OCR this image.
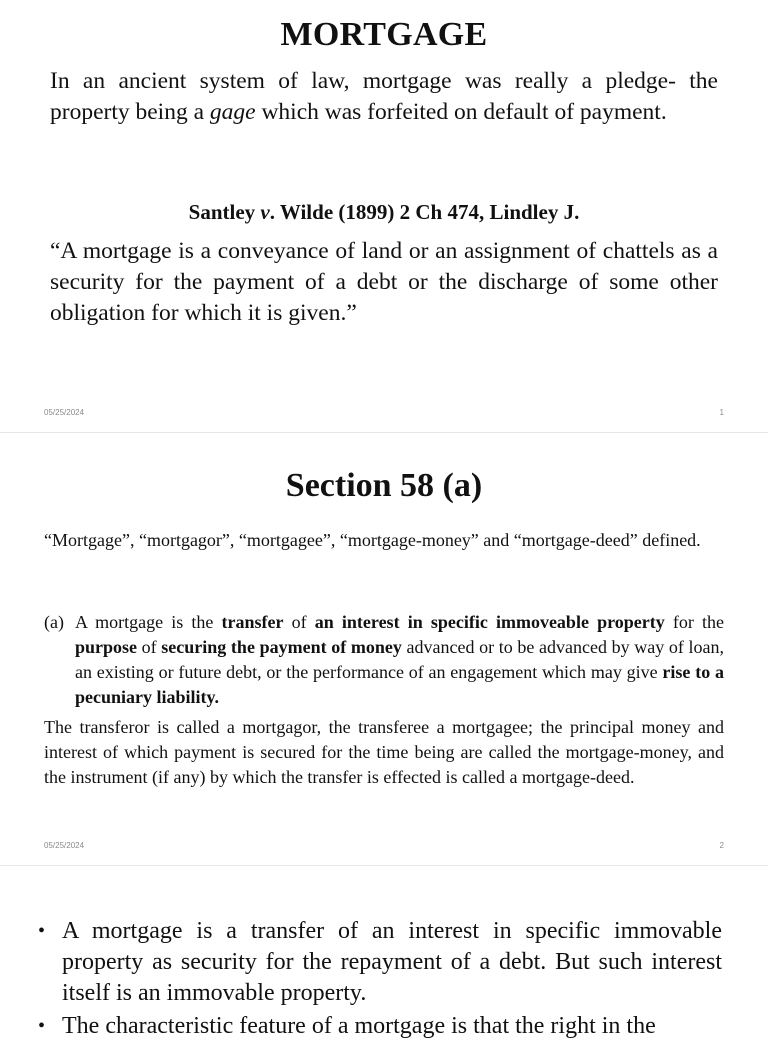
MORTGAGE

In an ancient system of law, mortgage was really a pledge- the property being a gage which was forfeited on default of payment.

Santley v. Wilde (1899) 2 Ch 474, Lindley J.

“A mortgage is a conveyance of land or an assignment of chattels as a security for the payment of a debt or the discharge of some other obligation for which it is given.”

05/25/2024	1
Section 58 (a)

“Mortgage”, “mortgagor”, “mortgagee”, “mortgage-money” and “mortgage-deed” defined.

(a) A mortgage is the transfer of an interest in specific immoveable property for the purpose of securing the payment of money advanced or to be advanced by way of loan, an existing or future debt, or the performance of an engagement which may give rise to a pecuniary liability.

The transferor is called a mortgagor, the transferee a mortgagee; the principal money and interest of which payment is secured for the time being are called the mortgage-money, and the instrument (if any) by which the transfer is effected is called a mortgage-deed.

05/25/2024	2
• A mortgage is a transfer of an interest in specific immovable property as security for the repayment of a debt. But such interest itself is an immovable property.
• The characteristic feature of a mortgage is that the right in the
